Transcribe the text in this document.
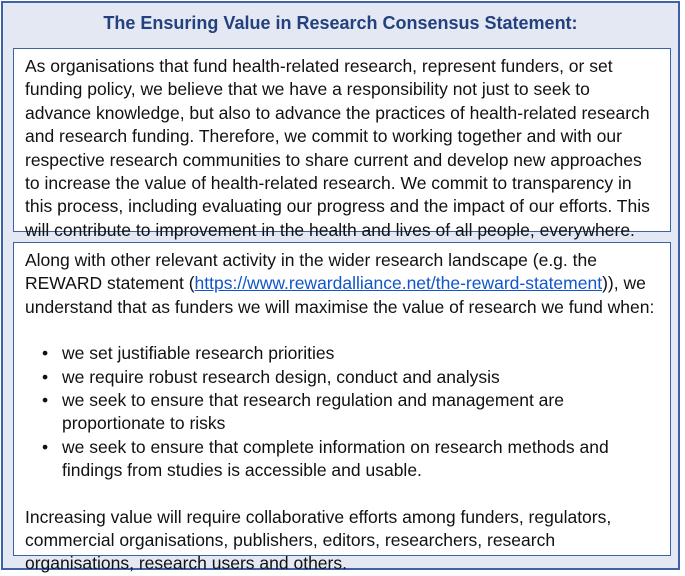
The Ensuring Value in Research Consensus Statement:

As organisations that fund health-related research, represent funders, or set funding policy, we believe that we have a responsibility not just to seek to advance knowledge, but also to advance the practices of health-related research and research funding. Therefore, we commit to working together and with our respective research communities to share current and develop new approaches to increase the value of health-related research. We commit to transparency in this process, including evaluating our progress and the impact of our efforts. This will contribute to improvement in the health and lives of all people, everywhere.

Along with other relevant activity in the wider research landscape (e.g. the REWARD statement (https://www.rewardalliance.net/the-reward-statement)), we understand that as funders we will maximise the value of research we fund when:

• we set justifiable research priorities
• we require robust research design, conduct and analysis
• we seek to ensure that research regulation and management are proportionate to risks
• we seek to ensure that complete information on research methods and findings from studies is accessible and usable.

Increasing value will require collaborative efforts among funders, regulators, commercial organisations, publishers, editors, researchers, research organisations, research users and others.
